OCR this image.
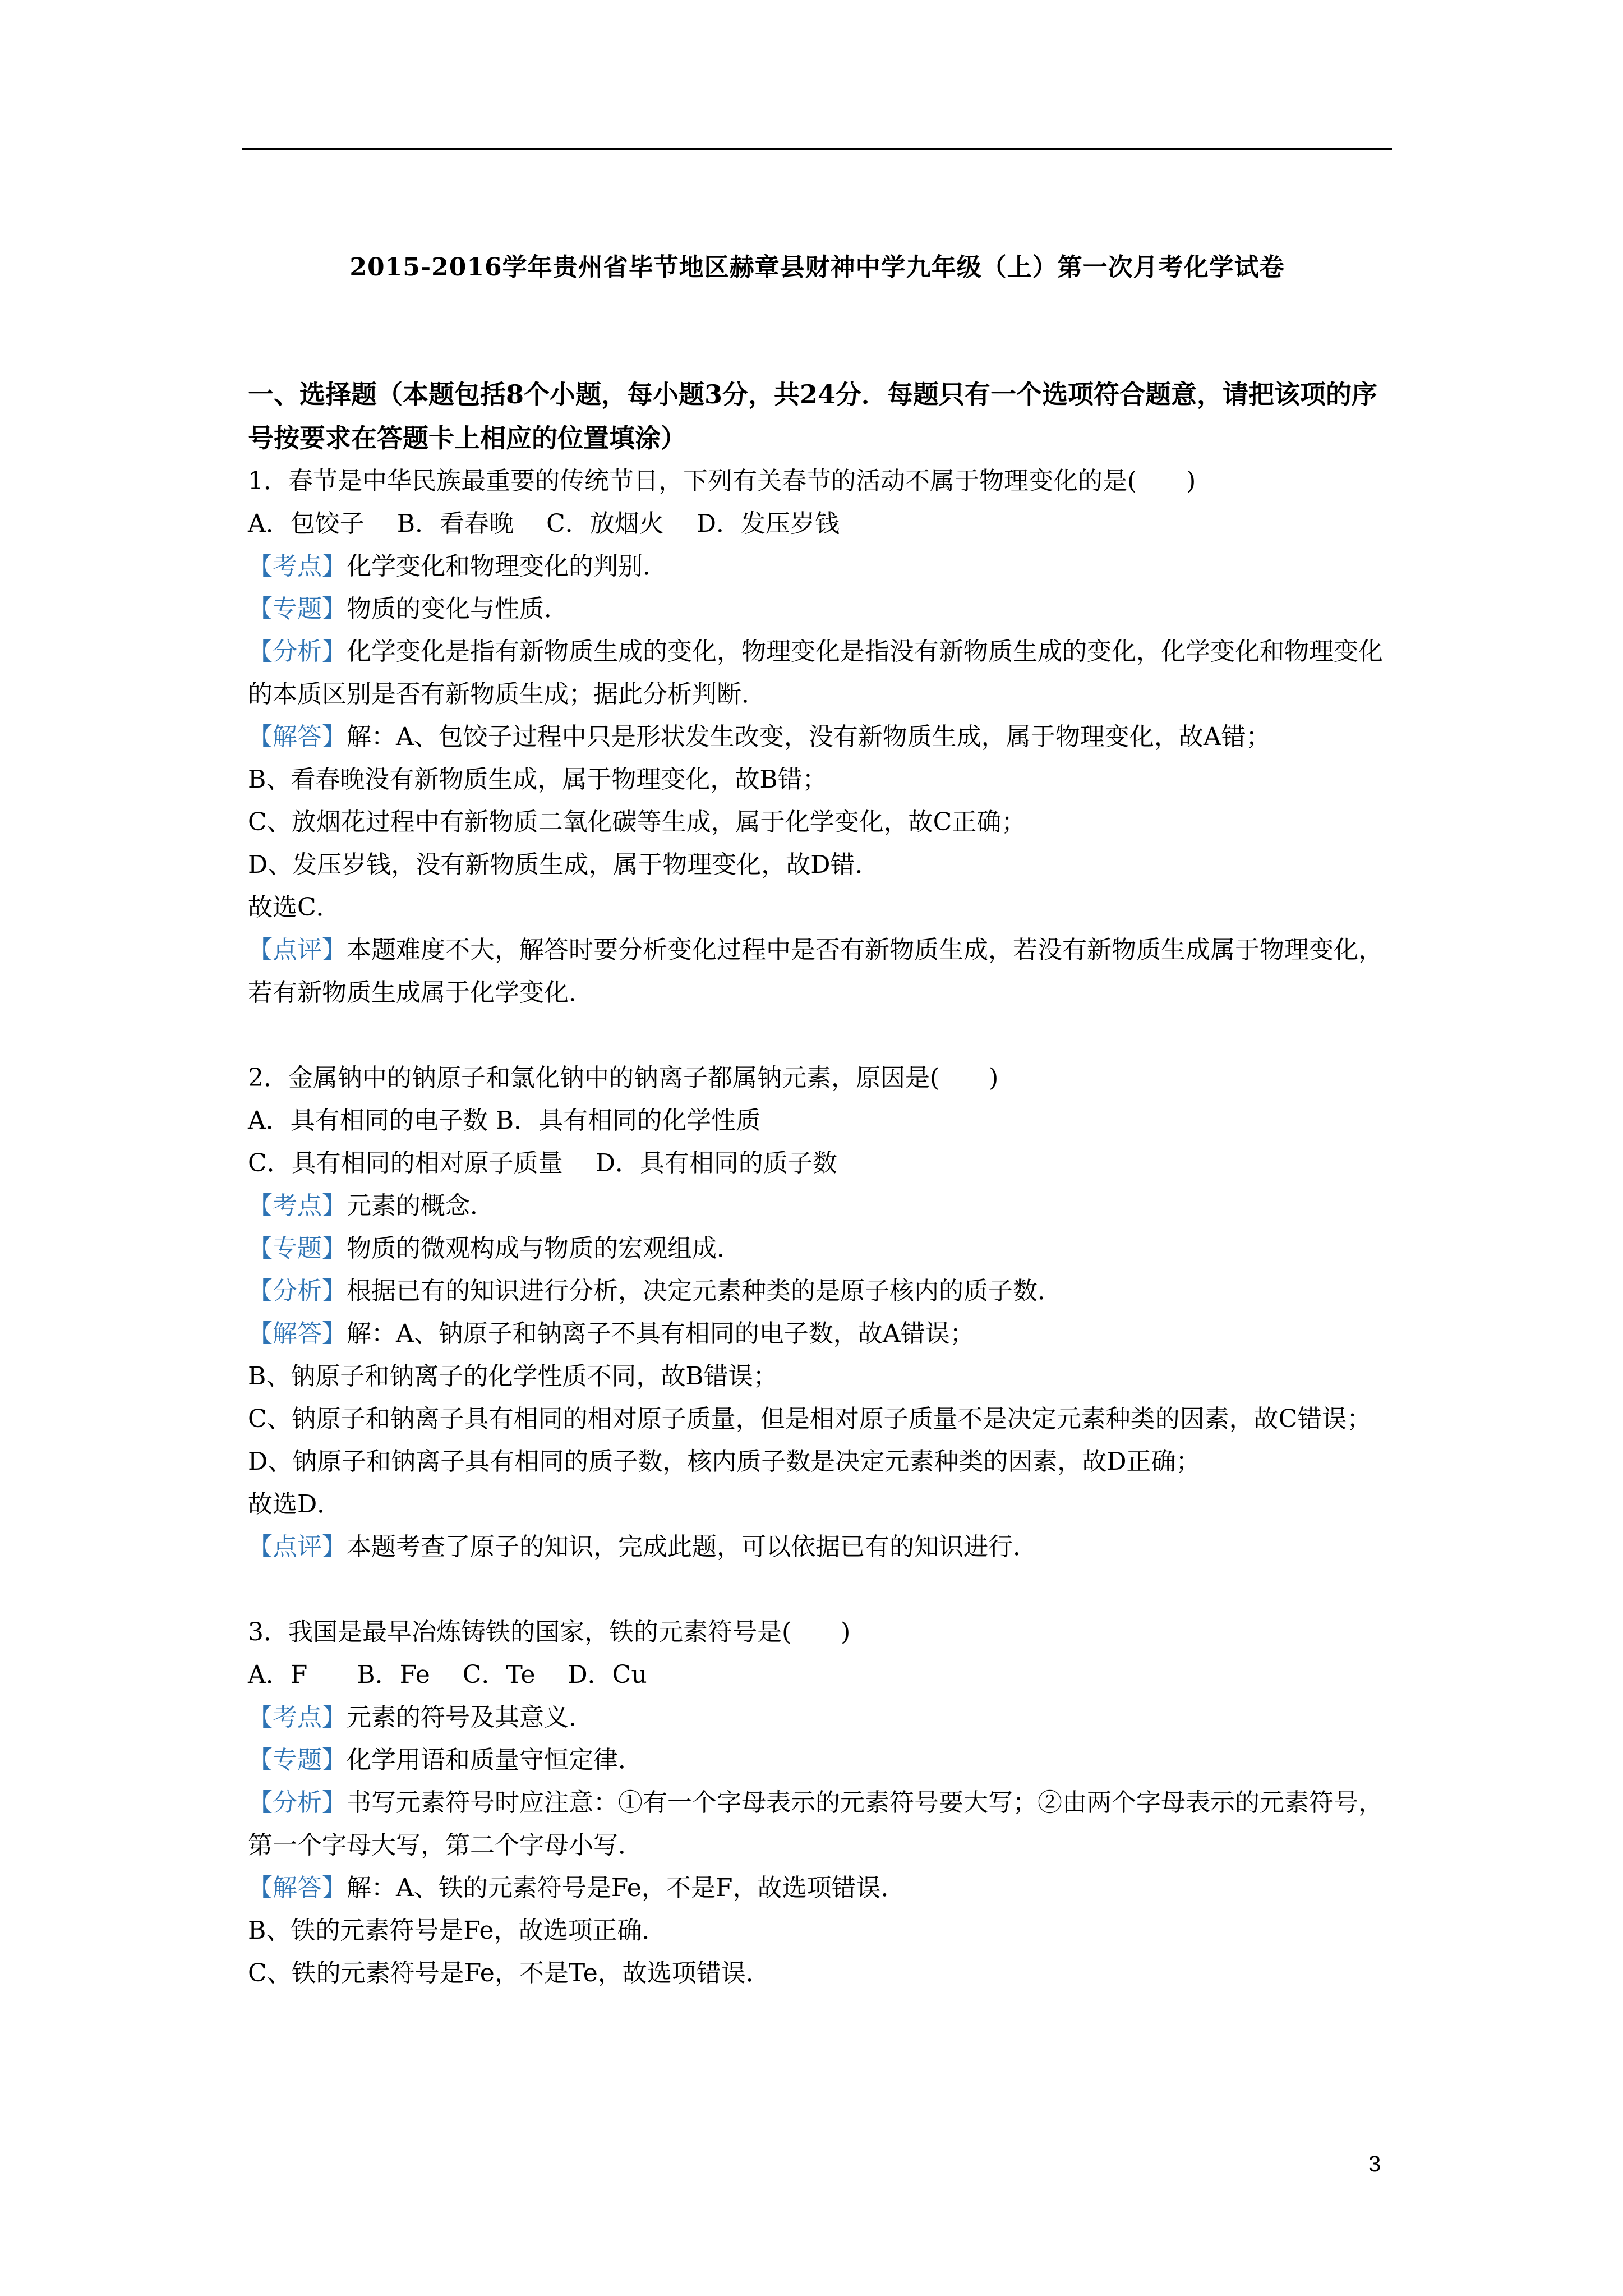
2015-2016学年贵州省毕节地区赫章县财神中学九年级（上）第一次月考化学试卷
一、选择题（本题包括8个小题，每小题3分，共24分．每题只有一个选项符合题意，请把该项的序号按要求在答题卡上相应的位置填涂）
1．春节是中华民族最重要的传统节日，下列有关春节的活动不属于物理变化的是(　　)
A．包饺子　 B．看春晚　 C．放烟火　 D．发压岁钱
【考点】化学变化和物理变化的判别．
【专题】物质的变化与性质．
【分析】化学变化是指有新物质生成的变化，物理变化是指没有新物质生成的变化，化学变化和物理变化的本质区别是否有新物质生成；据此分析判断．
【解答】解：A、包饺子过程中只是形状发生改变，没有新物质生成，属于物理变化，故A错；
B、看春晚没有新物质生成，属于物理变化，故B错；
C、放烟花过程中有新物质二氧化碳等生成，属于化学变化，故C正确；
D、发压岁钱，没有新物质生成，属于物理变化，故D错．
故选C．
【点评】本题难度不大，解答时要分析变化过程中是否有新物质生成，若没有新物质生成属于物理变化，若有新物质生成属于化学变化．
2．金属钠中的钠原子和氯化钠中的钠离子都属钠元素，原因是(　　)
A．具有相同的电子数 B．具有相同的化学性质
C．具有相同的相对原子质量　 D．具有相同的质子数
【考点】元素的概念．
【专题】物质的微观构成与物质的宏观组成．
【分析】根据已有的知识进行分析，决定元素种类的是原子核内的质子数．
【解答】解：A、钠原子和钠离子不具有相同的电子数，故A错误；
B、钠原子和钠离子的化学性质不同，故B错误；
C、钠原子和钠离子具有相同的相对原子质量，但是相对原子质量不是决定元素种类的因素，故C错误；
D、钠原子和钠离子具有相同的质子数，核内质子数是决定元素种类的因素，故D正确；
故选D．
【点评】本题考查了原子的知识，完成此题，可以依据已有的知识进行．
3．我国是最早冶炼铸铁的国家，铁的元素符号是(　　)
A．F　　B．Fe　 C．Te　 D．Cu
【考点】元素的符号及其意义．
【专题】化学用语和质量守恒定律．
【分析】书写元素符号时应注意：①有一个字母表示的元素符号要大写；②由两个字母表示的元素符号，第一个字母大写，第二个字母小写．
【解答】解：A、铁的元素符号是Fe，不是F，故选项错误．
B、铁的元素符号是Fe，故选项正确．
C、铁的元素符号是Fe，不是Te，故选项错误．
3
